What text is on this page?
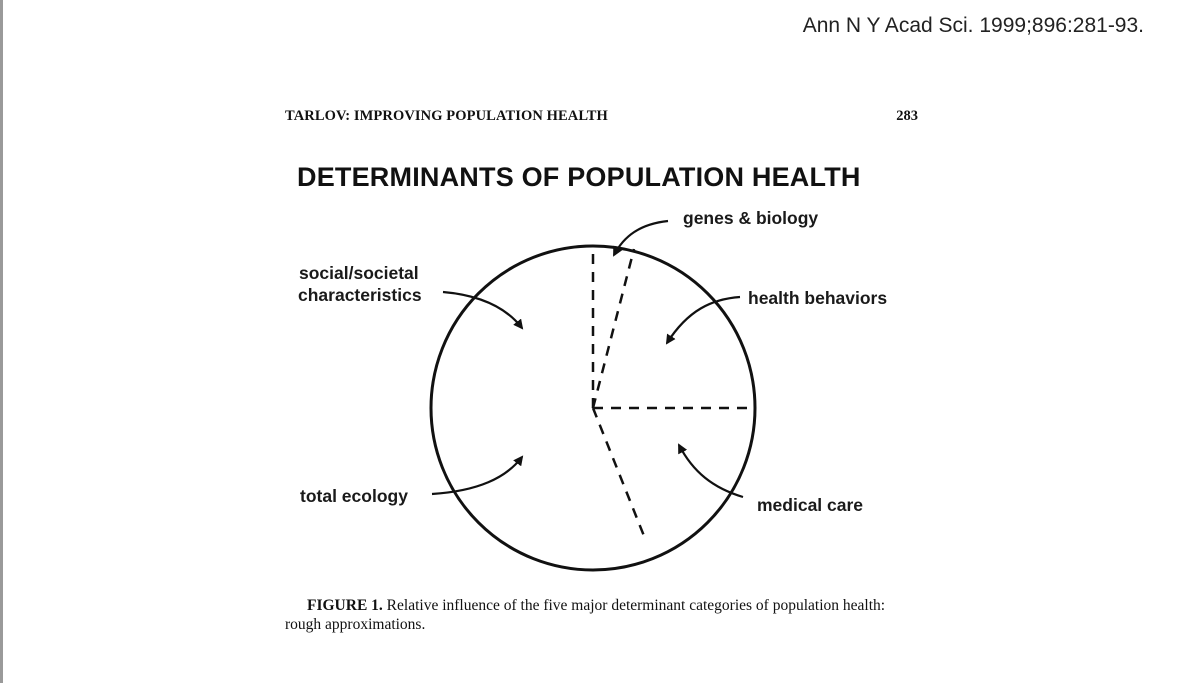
Ann N Y Acad Sci. 1999;896:281-93.
TARLOV: IMPROVING POPULATION HEALTH	283
DETERMINANTS OF POPULATION HEALTH
genes & biology
social/societal
characteristics	health behaviors
total ecology	medical care
FIGURE 1. Relative influence of the five major determinant categories of population health: rough approximations.
